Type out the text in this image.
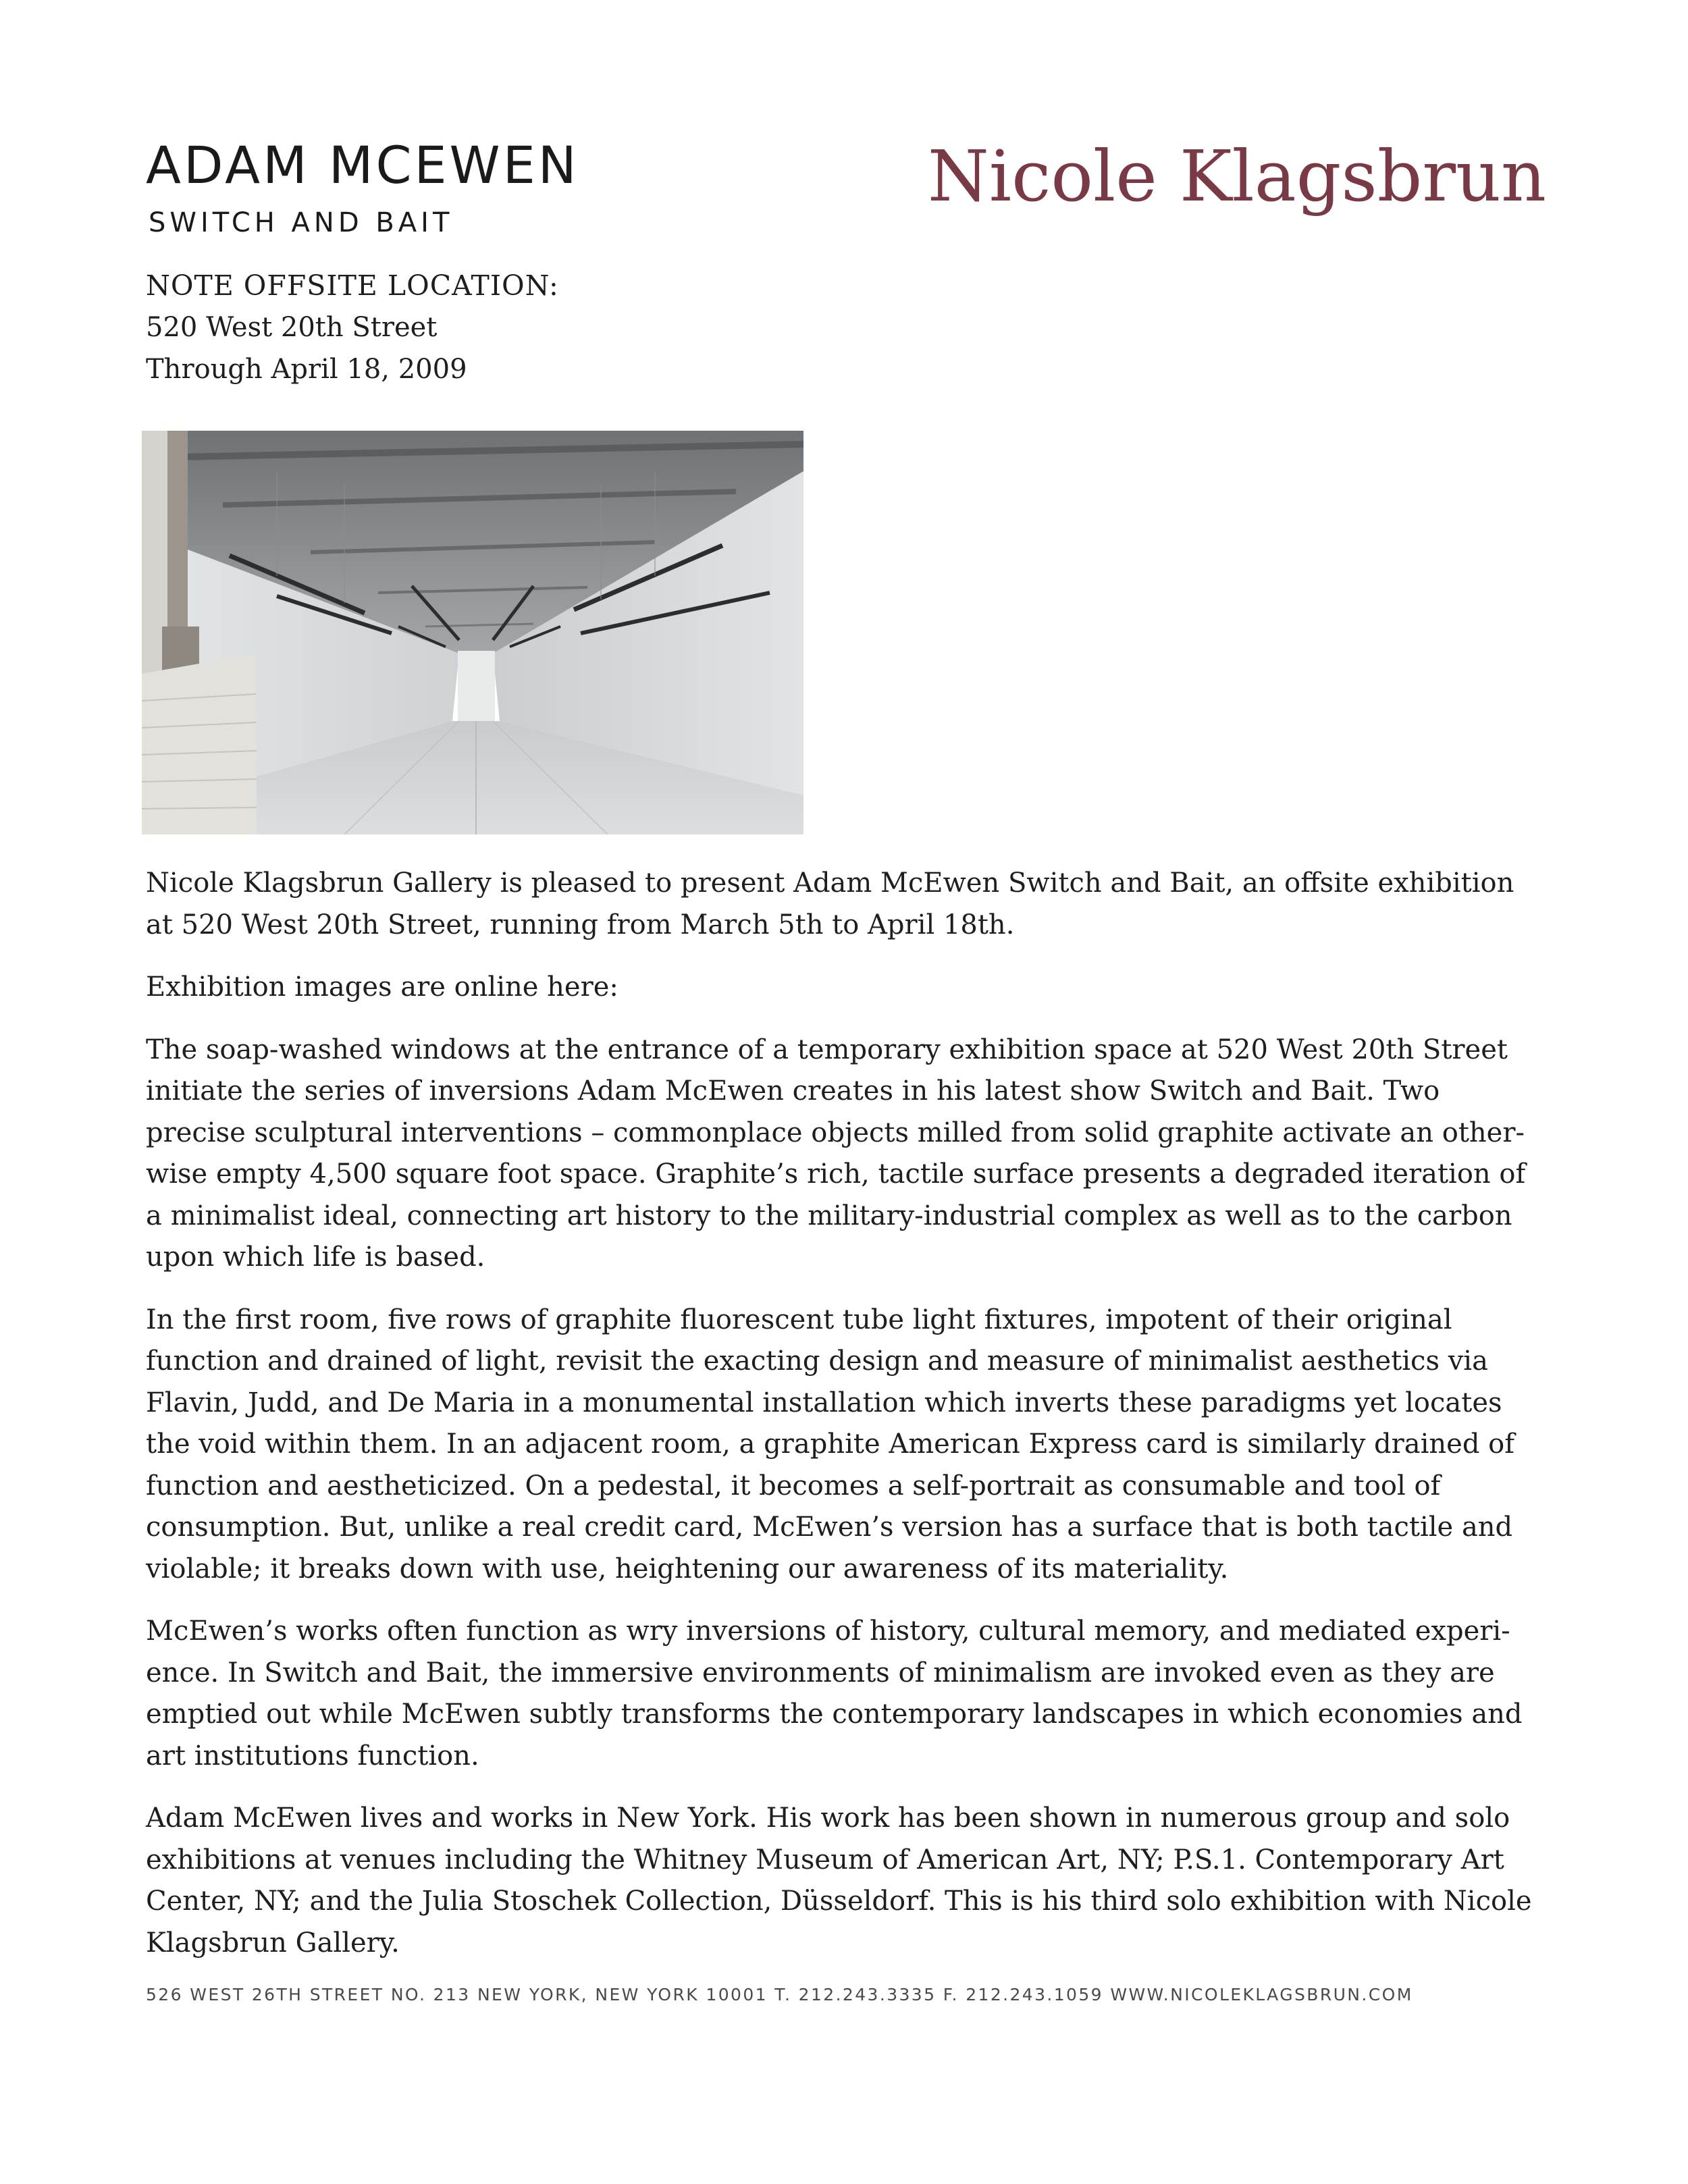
ADAM MCEWEN
SWITCH AND BAIT
Nicole Klagsbrun
NOTE OFFSITE LOCATION:
520 West 20th Street
Through April 18, 2009

Nicole Klagsbrun Gallery is pleased to present Adam McEwen Switch and Bait, an offsite exhibition at 520 West 20th Street, running from March 5th to April 18th.

Exhibition images are online here:

The soap-washed windows at the entrance of a temporary exhibition space at 520 West 20th Street initiate the series of inversions Adam McEwen creates in his latest show Switch and Bait. Two precise sculptural interventions – commonplace objects milled from solid graphite activate an other-wise empty 4,500 square foot space. Graphite’s rich, tactile surface presents a degraded iteration of a minimalist ideal, connecting art history to the military-industrial complex as well as to the carbon upon which life is based.

In the first room, five rows of graphite fluorescent tube light fixtures, impotent of their original function and drained of light, revisit the exacting design and measure of minimalist aesthetics via Flavin, Judd, and De Maria in a monumental installation which inverts these paradigms yet locates the void within them. In an adjacent room, a graphite American Express card is similarly drained of function and aestheticized. On a pedestal, it becomes a self-portrait as consumable and tool of consumption. But, unlike a real credit card, McEwen’s version has a surface that is both tactile and violable; it breaks down with use, heightening our awareness of its materiality.

McEwen’s works often function as wry inversions of history, cultural memory, and mediated experi-ence. In Switch and Bait, the immersive environments of minimalism are invoked even as they are emptied out while McEwen subtly transforms the contemporary landscapes in which economies and art institutions function.

Adam McEwen lives and works in New York. His work has been shown in numerous group and solo exhibitions at venues including the Whitney Museum of American Art, NY; P.S.1. Contemporary Art Center, NY; and the Julia Stoschek Collection, Düsseldorf. This is his third solo exhibition with Nicole Klagsbrun Gallery.

526 WEST 26TH STREET NO. 213 NEW YORK, NEW YORK 10001 T. 212.243.3335 F. 212.243.1059 WWW.NICOLEKLAGSBRUN.COM
